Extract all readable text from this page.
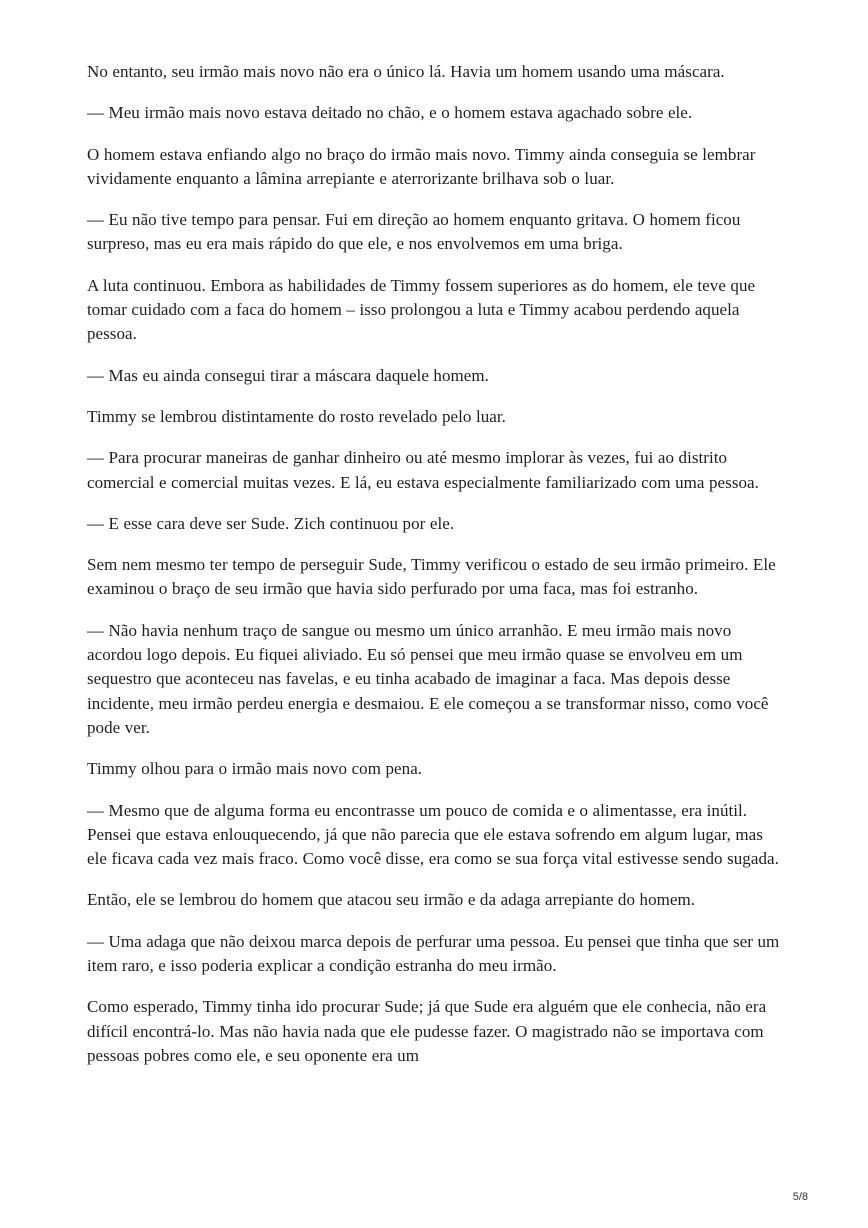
No entanto, seu irmão mais novo não era o único lá. Havia um homem usando uma máscara.

— Meu irmão mais novo estava deitado no chão, e o homem estava agachado sobre ele.

O homem estava enfiando algo no braço do irmão mais novo. Timmy ainda conseguia se lembrar vividamente enquanto a lâmina arrepiante e aterrorizante brilhava sob o luar.

— Eu não tive tempo para pensar. Fui em direção ao homem enquanto gritava. O homem ficou surpreso, mas eu era mais rápido do que ele, e nos envolvemos em uma briga.

A luta continuou. Embora as habilidades de Timmy fossem superiores as do homem, ele teve que tomar cuidado com a faca do homem – isso prolongou a luta e Timmy acabou perdendo aquela pessoa.

— Mas eu ainda consegui tirar a máscara daquele homem.

Timmy se lembrou distintamente do rosto revelado pelo luar.

— Para procurar maneiras de ganhar dinheiro ou até mesmo implorar às vezes, fui ao distrito comercial e comercial muitas vezes. E lá, eu estava especialmente familiarizado com uma pessoa.

— E esse cara deve ser Sude. Zich continuou por ele.

Sem nem mesmo ter tempo de perseguir Sude, Timmy verificou o estado de seu irmão primeiro. Ele examinou o braço de seu irmão que havia sido perfurado por uma faca, mas foi estranho.

— Não havia nenhum traço de sangue ou mesmo um único arranhão. E meu irmão mais novo acordou logo depois. Eu fiquei aliviado. Eu só pensei que meu irmão quase se envolveu em um sequestro que aconteceu nas favelas, e eu tinha acabado de imaginar a faca. Mas depois desse incidente, meu irmão perdeu energia e desmaiou. E ele começou a se transformar nisso, como você pode ver.

Timmy olhou para o irmão mais novo com pena.

— Mesmo que de alguma forma eu encontrasse um pouco de comida e o alimentasse, era inútil. Pensei que estava enlouquecendo, já que não parecia que ele estava sofrendo em algum lugar, mas ele ficava cada vez mais fraco. Como você disse, era como se sua força vital estivesse sendo sugada.

Então, ele se lembrou do homem que atacou seu irmão e da adaga arrepiante do homem.

— Uma adaga que não deixou marca depois de perfurar uma pessoa. Eu pensei que tinha que ser um item raro, e isso poderia explicar a condição estranha do meu irmão.

Como esperado, Timmy tinha ido procurar Sude; já que Sude era alguém que ele conhecia, não era difícil encontrá-lo. Mas não havia nada que ele pudesse fazer. O magistrado não se importava com pessoas pobres como ele, e seu oponente era um

5/8
